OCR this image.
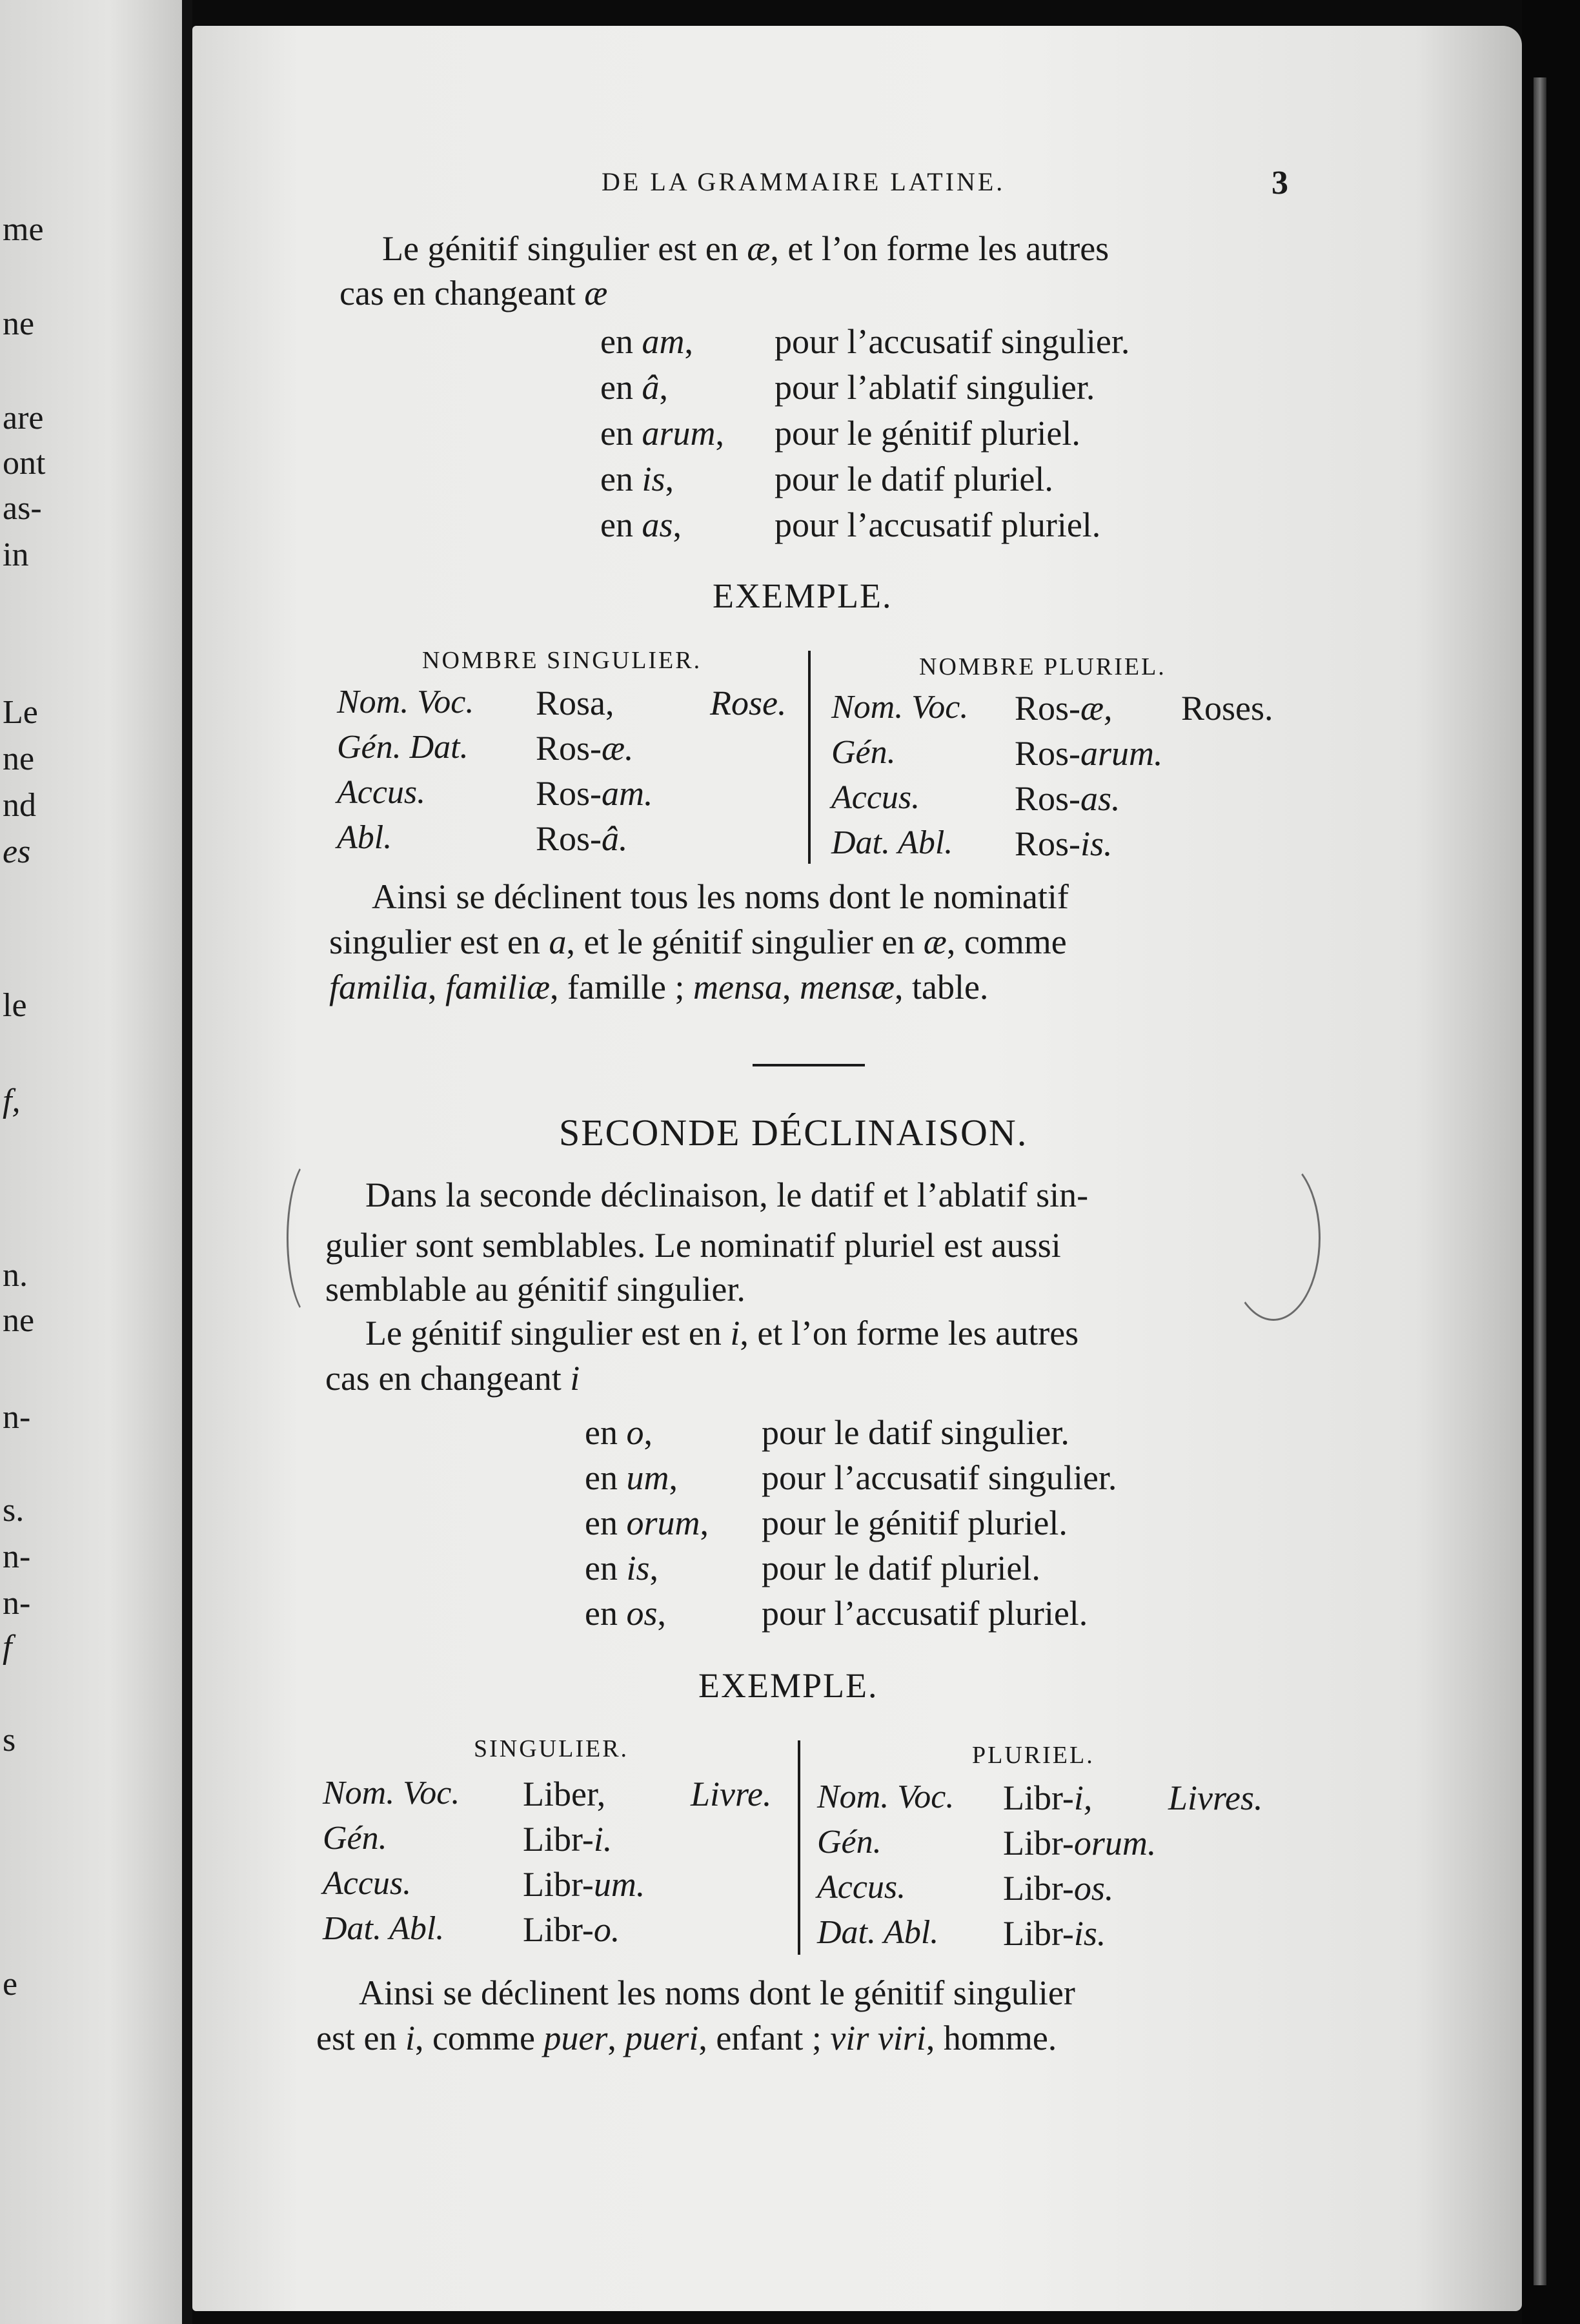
DE LA GRAMMAIRE LATINE.	3
Le génitif singulier est en æ, et l’on forme les autres
cas en changeant æ
en am, pour l’accusatif singulier.
en â,	pour l’ablatif singulier.
en arum, pour le génitif pluriel.
en is,	pour le datif pluriel.
en as,	pour l’accusatif pluriel.
EXEMPLE.
NOMBRE SINGULIER.	NOMBRE PLURIEL.
Nom. Voc. Rosa,	Rose.
Gén. Dat. Ros-æ.
Accus.	Ros-am.
Abl.	Ros-â.
Nom. Voc. Ros-æ, Roses.
Gén.	Ros-arum.
Accus.	Ros-as.
Dat. Abl. Ros-is.
Ainsi se déclinent tous les noms dont le nominatif
singulier est en a, et le génitif singulier en æ, comme
familia, familiæ, famille ; mensa, mensæ, table.
SECONDE DÉCLINAISON.
Dans la seconde déclinaison, le datif et l’ablatif sin-
gulier sont semblables. Le nominatif pluriel est aussi
semblable au génitif singulier.
Le génitif singulier est en i, et l’on forme les autres
cas en changeant i
en o,	pour le datif singulier.
en um, pour l’accusatif singulier.
en orum, pour le génitif pluriel.
en is,	pour le datif pluriel.
en os,	pour l’accusatif pluriel.
EXEMPLE.
SINGULIER.	PLURIEL.
Nom. Voc. Liber, Livre.
Gén.	Libr-i.
Accus.	Libr-um.
Dat. Abl. Libr-o.
Nom. Voc. Libr-i, Livres.
Gén.	Libr-orum.
Accus.	Libr-os.
Dat. Abl. Libr-is.
Ainsi se déclinent les noms dont le génitif singulier
est en i, comme puer, pueri, enfant ; vir viri, homme.
me
ne
are
ont
as-
in
Le
ne
nd
es
le
f,
n.
ne
n-
s.
n-
n-
f
s
e
